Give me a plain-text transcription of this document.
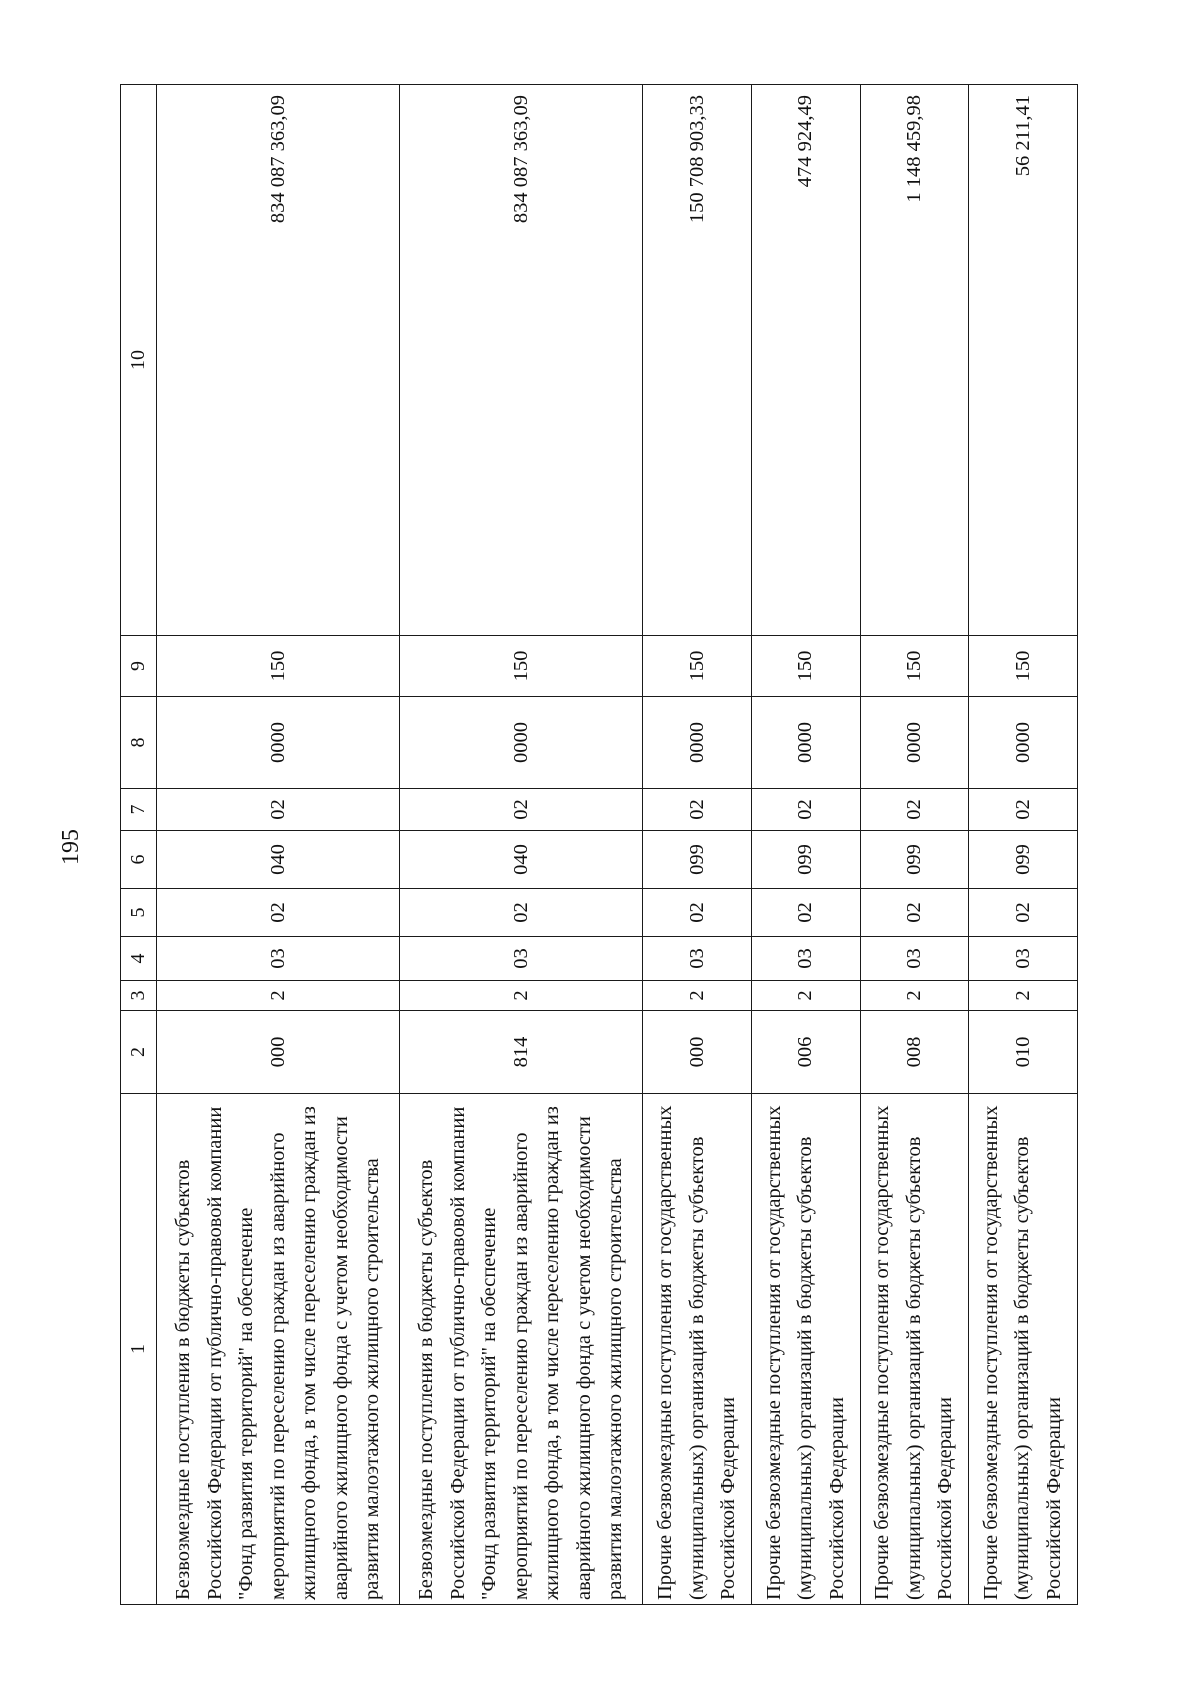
195
1	2	3	4	5	6	7	8	9	10
Безвозмездные поступления в бюджеты субъектов Российской Федерации от публично-правовой компании "Фонд развития территорий" на обеспечение мероприятий по переселению граждан из аварийного жилищного фонда, в том числе переселению граждан из аварийного жилищного фонда с учетом необходимости развития малоэтажного жилищного строительства	000	2	03	02	040	02	0000	150	834 087 363,09
Безвозмездные поступления в бюджеты субъектов Российской Федерации от публично-правовой компании "Фонд развития территорий" на обеспечение мероприятий по переселению граждан из аварийного жилищного фонда, в том числе переселению граждан из аварийного жилищного фонда с учетом необходимости развития малоэтажного жилищного строительства	814	2	03	02	040	02	0000	150	834 087 363,09
Прочие безвозмездные поступления от государственных (муниципальных) организаций в бюджеты субъектов Российской Федерации	000	2	03	02	099	02	0000	150	150 708 903,33
Прочие безвозмездные поступления от государственных (муниципальных) организаций в бюджеты субъектов Российской Федерации	006	2	03	02	099	02	0000	150	474 924,49
Прочие безвозмездные поступления от государственных (муниципальных) организаций в бюджеты субъектов Российской Федерации	008	2	03	02	099	02	0000	150	1 148 459,98
Прочие безвозмездные поступления от государственных (муниципальных) организаций в бюджеты субъектов Российской Федерации	010	2	03	02	099	02	0000	150	56 211,41
